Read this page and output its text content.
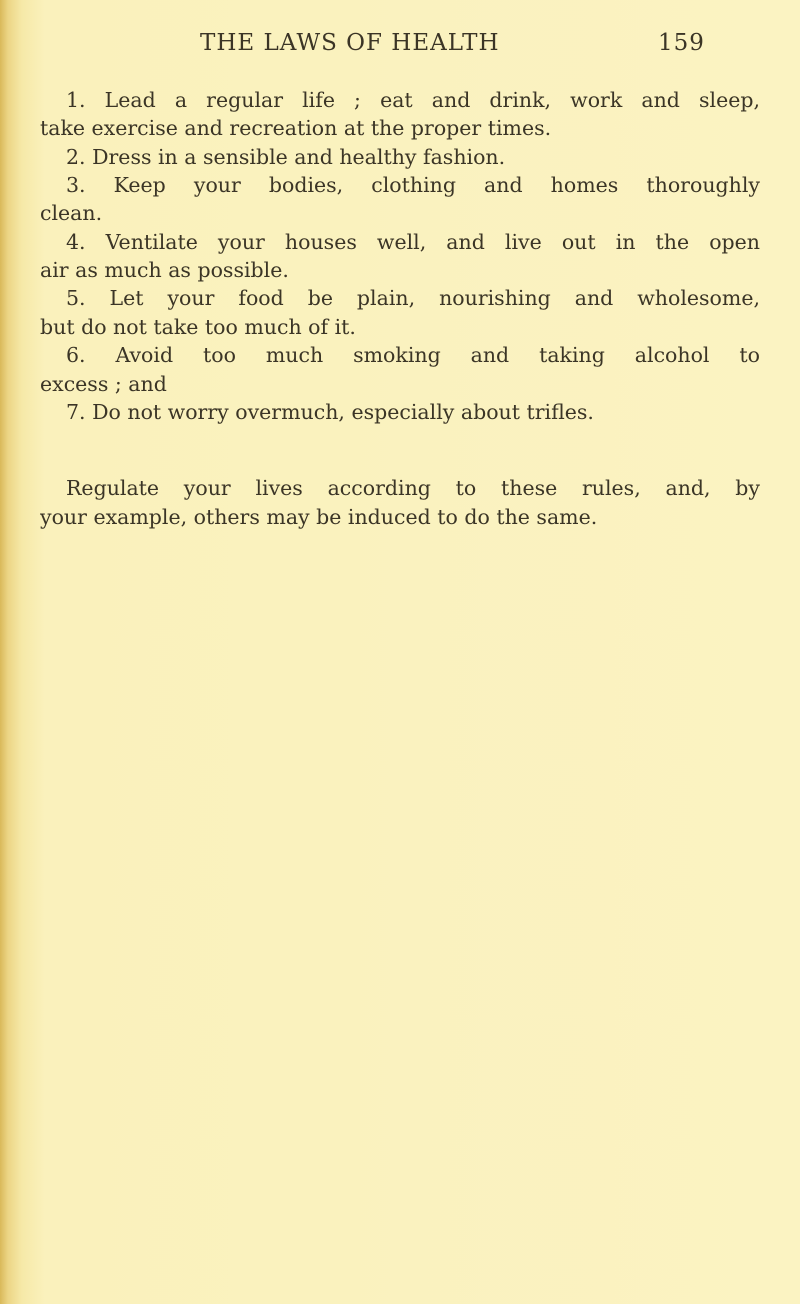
THE LAWS OF HEALTH	159
1. Lead a regular life ; eat and drink, work and sleep,
take exercise and recreation at the proper times.
2. Dress in a sensible and healthy fashion.
3. Keep your bodies, clothing and homes thoroughly
clean.
4. Ventilate your houses well, and live out in the open
air as much as possible.
5. Let your food be plain, nourishing and wholesome,
but do not take too much of it.
6. Avoid too much smoking and taking alcohol to
excess ; and
7. Do not worry overmuch, especially about trifles.
Regulate your lives according to these rules, and, by
your example, others may be induced to do the same.
